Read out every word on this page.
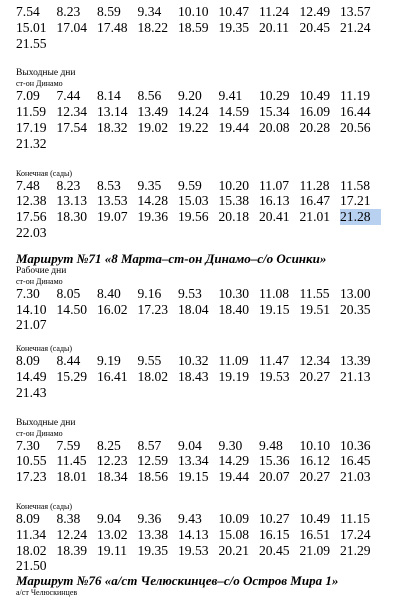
7.54	8.23	8.59	9.34	10.10 10.47 11.24 12.49 13.57
15.01 17.04 17.48 18.22 18.59 19.35 20.11 20.45 21.24
21.55
Выходные дни
ст-он Динамо
7.09	7.44	8.14	8.56	9.20	9.41	10.29 10.49 11.19
11.59 12.34 13.14 13.49 14.24 14.59 15.34 16.09 16.44
17.19 17.54 18.32 19.02 19.22 19.44 20.08 20.28 20.56
21.32
Конечная (сады)
7.48	8.23	8.53	9.35	9.59	10.20 11.07 11.28 11.58
12.38 13.13 13.53 14.28 15.03 15.38 16.13 16.47 17.21
17.56 18.30 19.07 19.36 19.56 20.18 20.41 21.01 21.28
22.03
Маршрут №71 «8 Марта–ст-он Динамо–с/о Осинки»
Рабочие дни
ст-он Динамо
7.30	8.05	8.40	9.16	9.53	10.30 11.08 11.55 13.00
14.10 14.50 16.02 17.23 18.04 18.40 19.15 19.51 20.35
21.07
Конечная (сады)
8.09	8.44	9.19	9.55	10.32 11.09 11.47 12.34 13.39
14.49 15.29 16.41 18.02 18.43 19.19 19.53 20.27 21.13
21.43
Выходные дни
ст-он Динамо
7.30	7.59	8.25	8.57	9.04	9.30	9.48	10.10 10.36
10.55 11.45 12.23 12.59 13.34 14.29 15.36 16.12 16.45
17.23 18.01 18.34 18.56 19.15 19.44 20.07 20.27 21.03
Конечная (сады)
8.09	8.38	9.04	9.36	9.43	10.09 10.27 10.49 11.15
11.34 12.24 13.02 13.38 14.13 15.08 16.15 16.51 17.24
18.02 18.39 19.11 19.35 19.53 20.21 20.45 21.09 21.29
21.50
Маршрут №76 «а/ст Челюскинцев–с/о Остров Мира 1»
а/ст Челюскинцев
